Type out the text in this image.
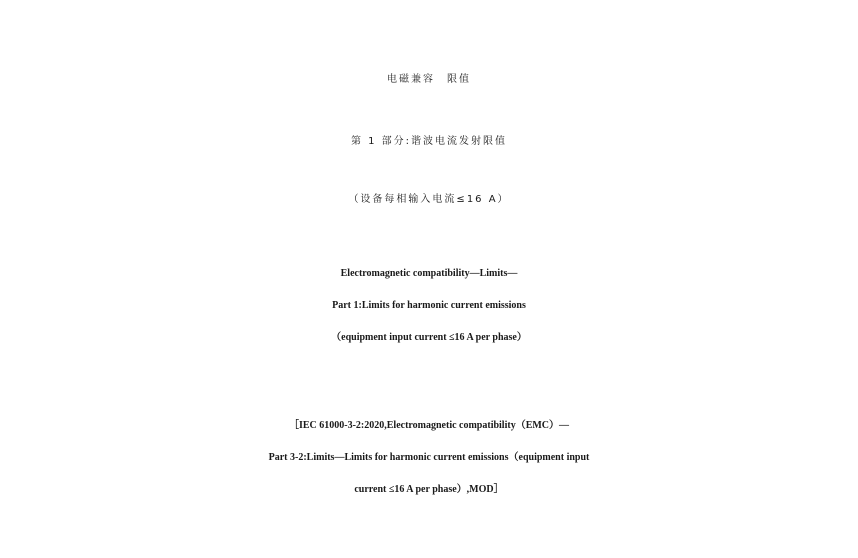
电磁兼容　限值
第 1 部分:谐波电流发射限值
（设备每相输入电流≤16 A）
Electromagnetic compatibility—Limits—
Part 1:Limits for harmonic current emissions
（equipment input current ≤16 A per phase）
［IEC 61000-3-2:2020,Electromagnetic compatibility（EMC）—
Part 3-2:Limits—Limits for harmonic current emissions（equipment input
current ≤16 A per phase）,MOD］
